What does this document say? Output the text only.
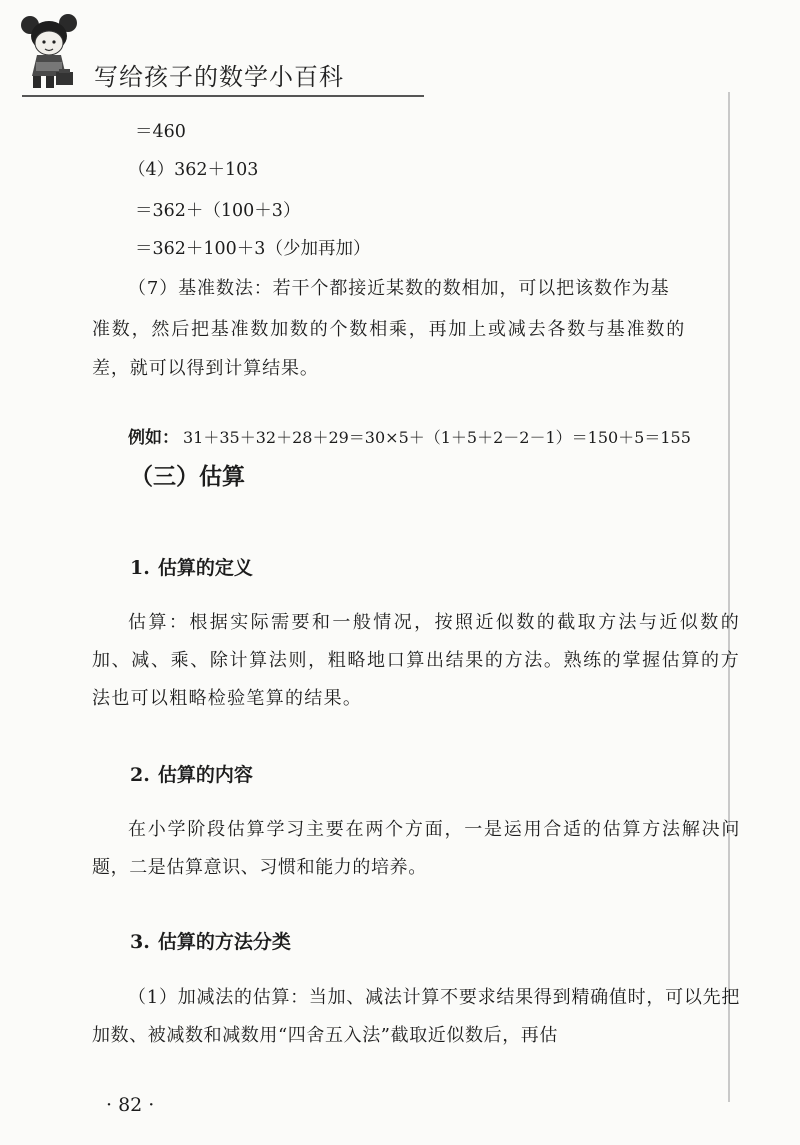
写给孩子的数学小百科

＝460

（4）362＋103

＝362＋（100＋3）

＝362＋100＋3（少加再加）

（7）基准数法：若干个都接近某数的数相加，可以把该数作为基

准数，然后把基准数加数的个数相乘，再加上或减去各数与基准数的

差，就可以得到计算结果。

例如： 31＋35＋32＋28＋29＝30×5＋（1＋5＋2－2－1）＝150＋5＝155

（三）估算
1. 估算的定义

估算：根据实际需要和一般情况，按照近似数的截取方法与近似数的加、减、乘、除计算法则，粗略地口算出结果的方法。熟练的掌握估算的方法也可以粗略检验笔算的结果。

2. 估算的内容

在小学阶段估算学习主要在两个方面，一是运用合适的估算方法解决问题，二是估算意识、习惯和能力的培养。

3. 估算的方法分类

（1）加减法的估算：当加、减法计算不要求结果得到精确值时，可以先把加数、被减数和减数用“四舍五入法”截取近似数后，再估

· 82 ·
